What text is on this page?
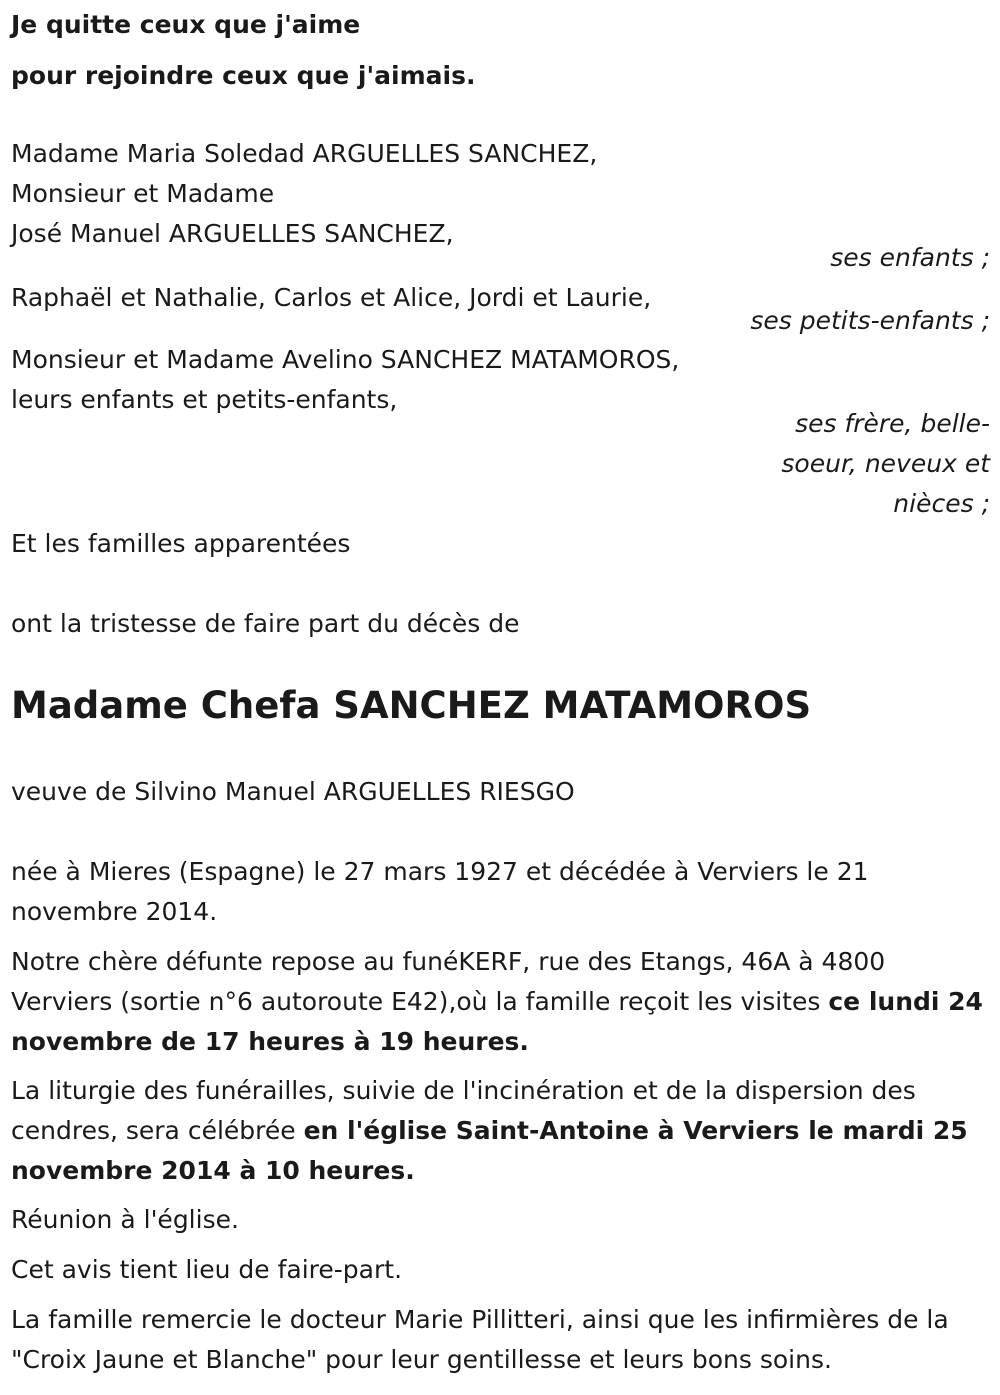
Je quitte ceux que j'aime

pour rejoindre ceux que j'aimais.

Madame Maria Soledad ARGUELLES SANCHEZ,

Monsieur et Madame

José Manuel ARGUELLES SANCHEZ,

ses enfants ;

Raphaël et Nathalie, Carlos et Alice, Jordi et Laurie,

ses petits-enfants ;

Monsieur et Madame Avelino SANCHEZ MATAMOROS,

leurs enfants et petits-enfants,

ses frère, belle-

soeur, neveux et

nièces ;

Et les familles apparentées

ont la tristesse de faire part du décès de

Madame Chefa SANCHEZ MATAMOROS

veuve de Silvino Manuel ARGUELLES RIESGO

née à Mieres (Espagne) le 27 mars 1927 et décédée à Verviers le 21 novembre 2014.

Notre chère défunte repose au funéKERF, rue des Etangs, 46A à 4800 Verviers (sortie n°6 autoroute E42),où la famille reçoit les visites ce lundi 24 novembre de 17 heures à 19 heures.

La liturgie des funérailles, suivie de l'incinération et de la dispersion des cendres, sera célébrée en l'église Saint-Antoine à Verviers le mardi 25 novembre 2014 à 10 heures.

Réunion à l'église.

Cet avis tient lieu de faire-part.

La famille remercie le docteur Marie Pillitteri, ainsi que les infirmières de la "Croix Jaune et Blanche" pour leur gentillesse et leurs bons soins.
